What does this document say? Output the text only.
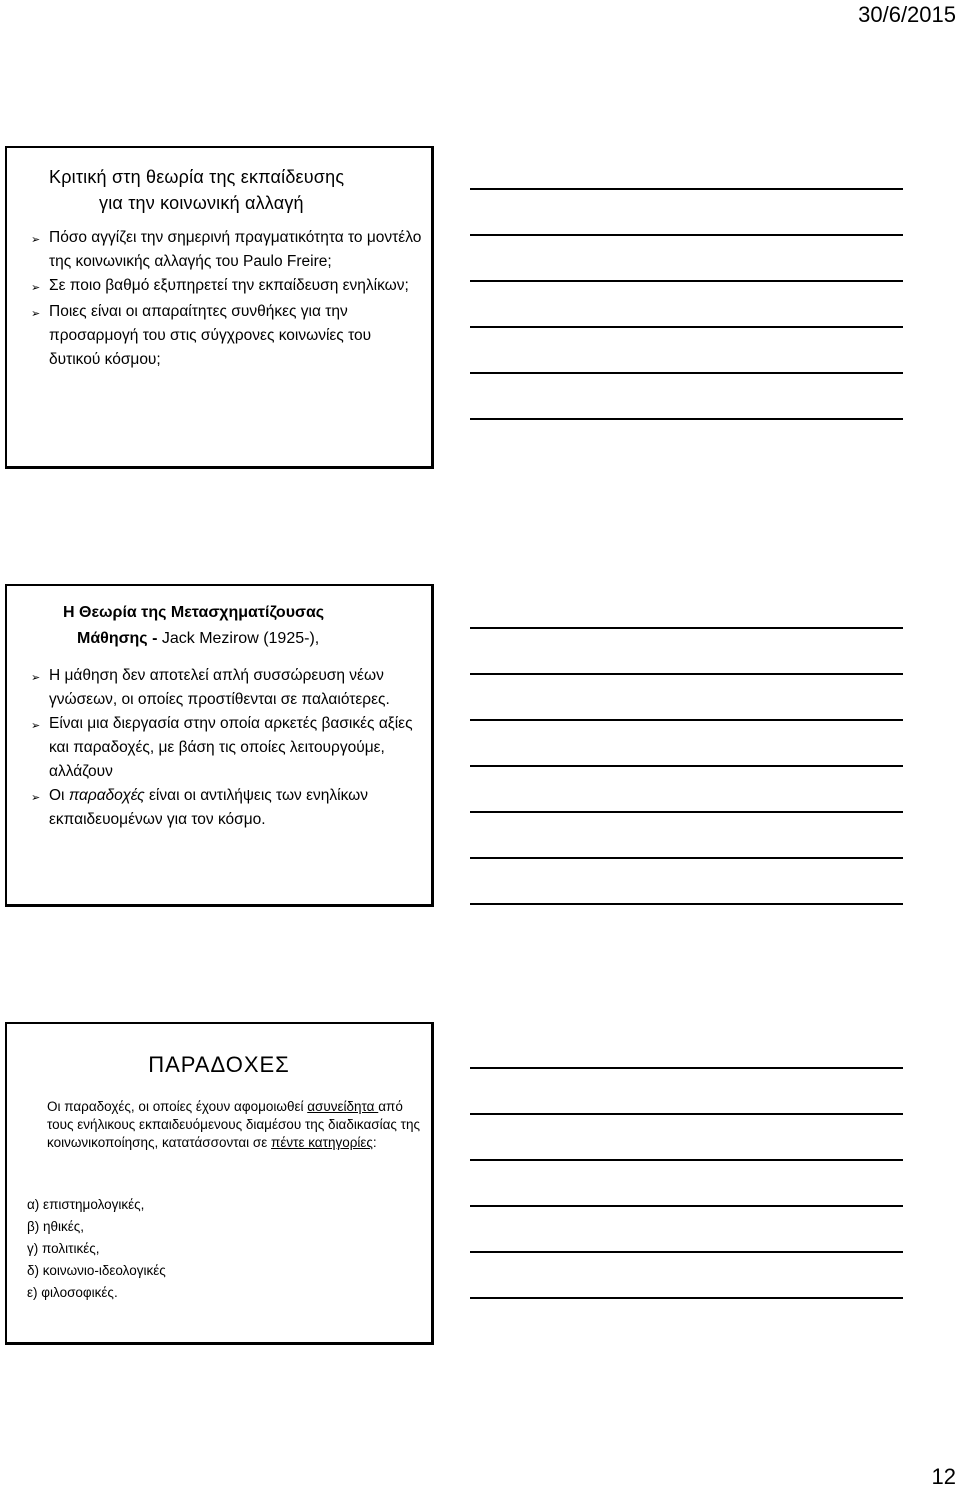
30/6/2015
Κριτική στη θεωρία της εκπαίδευσης
για την κοινωνική αλλαγή
➢ Πόσο αγγίζει την σημερινή πραγματικότητα το μοντέλο της κοινωνικής αλλαγής του Paulo Freire;
➢ Σε ποιο βαθμό εξυπηρετεί την εκπαίδευση ενηλίκων;
➢ Ποιες είναι οι απαραίτητες συνθήκες για την προσαρμογή του στις σύγχρονες κοινωνίες του δυτικού κόσμου;
Η Θεωρία της Μετασχηματίζουσας
Μάθησης - Jack Mezirow (1925-),
➢ Η μάθηση δεν αποτελεί απλή συσσώρευση νέων γνώσεων, οι οποίες προστίθενται σε παλαιότερες.
➢ Είναι μια διεργασία στην οποία αρκετές βασικές αξίες και παραδοχές, με βάση τις οποίες λειτουργούμε, αλλάζουν
➢ Οι παραδοχές είναι οι αντιλήψεις των ενηλίκων εκπαιδευομένων για τον κόσμο.
ΠΑΡΑΔΟΧΕΣ
Οι παραδοχές, οι οποίες έχουν αφομοιωθεί ασυνείδητα από τους ενήλικους εκπαιδευόμενους διαμέσου της διαδικασίας της κοινωνικοποίησης, κατατάσσονται σε πέντε κατηγορίες:
α) επιστημολογικές,
β) ηθικές,
γ) πολιτικές,
δ) κοινωνιο-ιδεολογικές
ε) φιλοσοφικές.
12
